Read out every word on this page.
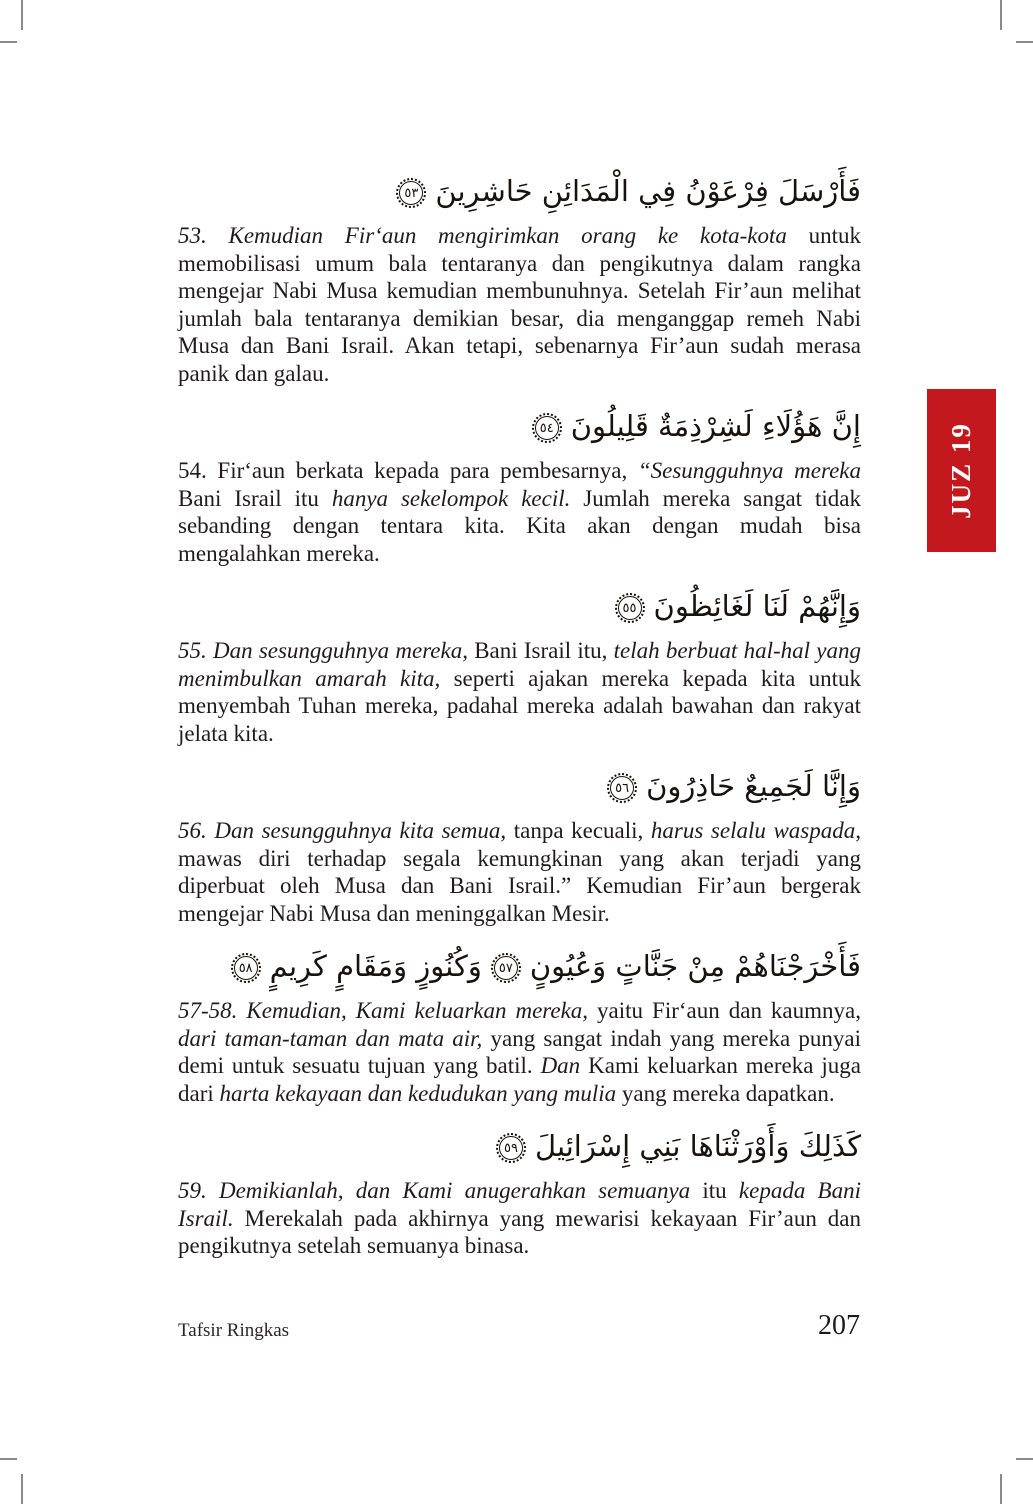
JUZ 19
فَأَرْسَلَ فِرْعَوْنُ فِي الْمَدَائِنِ حَاشِرِينَ
٥٣

53. Kemudian Fir‘aun mengirimkan orang ke kota-kota untuk memobilisasi umum bala tentaranya dan pengikutnya dalam rangka mengejar Nabi Musa kemudian membunuhnya. Setelah Fir’aun melihat jumlah bala tentaranya demikian besar, dia menganggap remeh Nabi Musa dan Bani Israil. Akan tetapi, sebenarnya Fir’aun sudah merasa panik dan galau.

إِنَّ هَؤُلَاءِ لَشِرْذِمَةٌ قَلِيلُونَ
٥٤

54. Fir‘aun berkata kepada para pembesarnya, “Sesungguhnya mereka Bani Israil itu hanya sekelompok kecil. Jumlah mereka sangat tidak sebanding dengan tentara kita. Kita akan dengan mudah bisa mengalahkan mereka.

وَإِنَّهُمْ لَنَا لَغَائِظُونَ
٥٥

55. Dan sesungguhnya mereka, Bani Israil itu, telah berbuat hal-hal yang menimbulkan amarah kita, seperti ajakan mereka kepada kita untuk menyembah Tuhan mereka, padahal mereka adalah bawahan dan rakyat jelata kita.

وَإِنَّا لَجَمِيعٌ حَاذِرُونَ
٥٦

56. Dan sesungguhnya kita semua, tanpa kecuali, harus selalu waspada, mawas diri terhadap segala kemungkinan yang akan terjadi yang diperbuat oleh Musa dan Bani Israil.” Kemudian Fir’aun bergerak mengejar Nabi Musa dan meninggalkan Mesir.

فَأَخْرَجْنَاهُمْ مِنْ جَنَّاتٍ وَعُيُونٍ
٥٧
وَكُنُوزٍ وَمَقَامٍ كَرِيمٍ
٥٨

57-58. Kemudian, Kami keluarkan mereka, yaitu Fir‘aun dan kaumnya, dari taman-taman dan mata air, yang sangat indah yang mereka punyai demi untuk sesuatu tujuan yang batil. Dan Kami keluarkan mereka juga dari harta kekayaan dan kedudukan yang mulia yang mereka dapatkan.

كَذَلِكَ وَأَوْرَثْنَاهَا بَنِي إِسْرَائِيلَ
٥٩

59. Demikianlah, dan Kami anugerahkan semuanya itu kepada Bani Israil. Merekalah pada akhirnya yang mewarisi kekayaan Fir’aun dan pengikutnya setelah semuanya binasa.

Tafsir Ringkas	207
